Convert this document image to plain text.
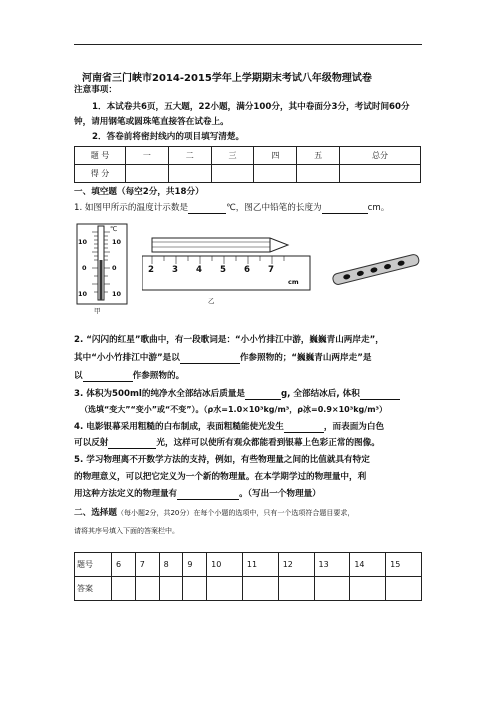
河南省三门峡市2014-2015学年上学期期末考试八年级物理试卷
注意事项：
1．本试卷共6页，五大题，22小题，满分100分，其中卷面分3分，考试时间60分
钟，请用钢笔或圆珠笔直接答在试卷上。
2．答卷前将密封线内的项目填写清楚。
题 号	一	二	三	四	五	总分
得 分						
一、填空题（每空2分，共18分）
1. 如图甲所示的温度计示数是	℃，图乙中铅笔的长度为	cm。
10
0
10
10
0
10
℃
甲
2 3 4 5 6 7
cm
乙
2. “闪闪的红星”歌曲中，有一段歌词是：“小小竹排江中游，巍巍青山两岸走”，
其中“小小竹排江中游”是以	作参照物的；“巍巍青山两岸走”是
以	作参照物的。
3. 体积为500ml的纯净水全部结冰后质量是	g, 全部结冰后, 体积
（选填“变大”“变小”或“不变”）。（ρ水=1.0×10³kg/m³，ρ冰=0.9×10³kg/m³）
4. 电影银幕采用粗糙的白布制成，表面粗糙能使光发生	，而表面为白色
可以反射	光，这样可以使所有观众都能看到银幕上色彩正常的图像。
5. 学习物理离不开数学方法的支持，例如，有些物理量之间的比值就具有特定
的物理意义，可以把它定义为一个新的物理量。在本学期学过的物理量中，利
用这种方法定义的物理量有	。（写出一个物理量）
二、选择题（每小题2分，共20分）在每个小题的选项中，只有一个选项符合题目要求，
请将其序号填入下面的答案栏中。
题号	6	7	8	9	10	11	12	13	14	15
答案										
